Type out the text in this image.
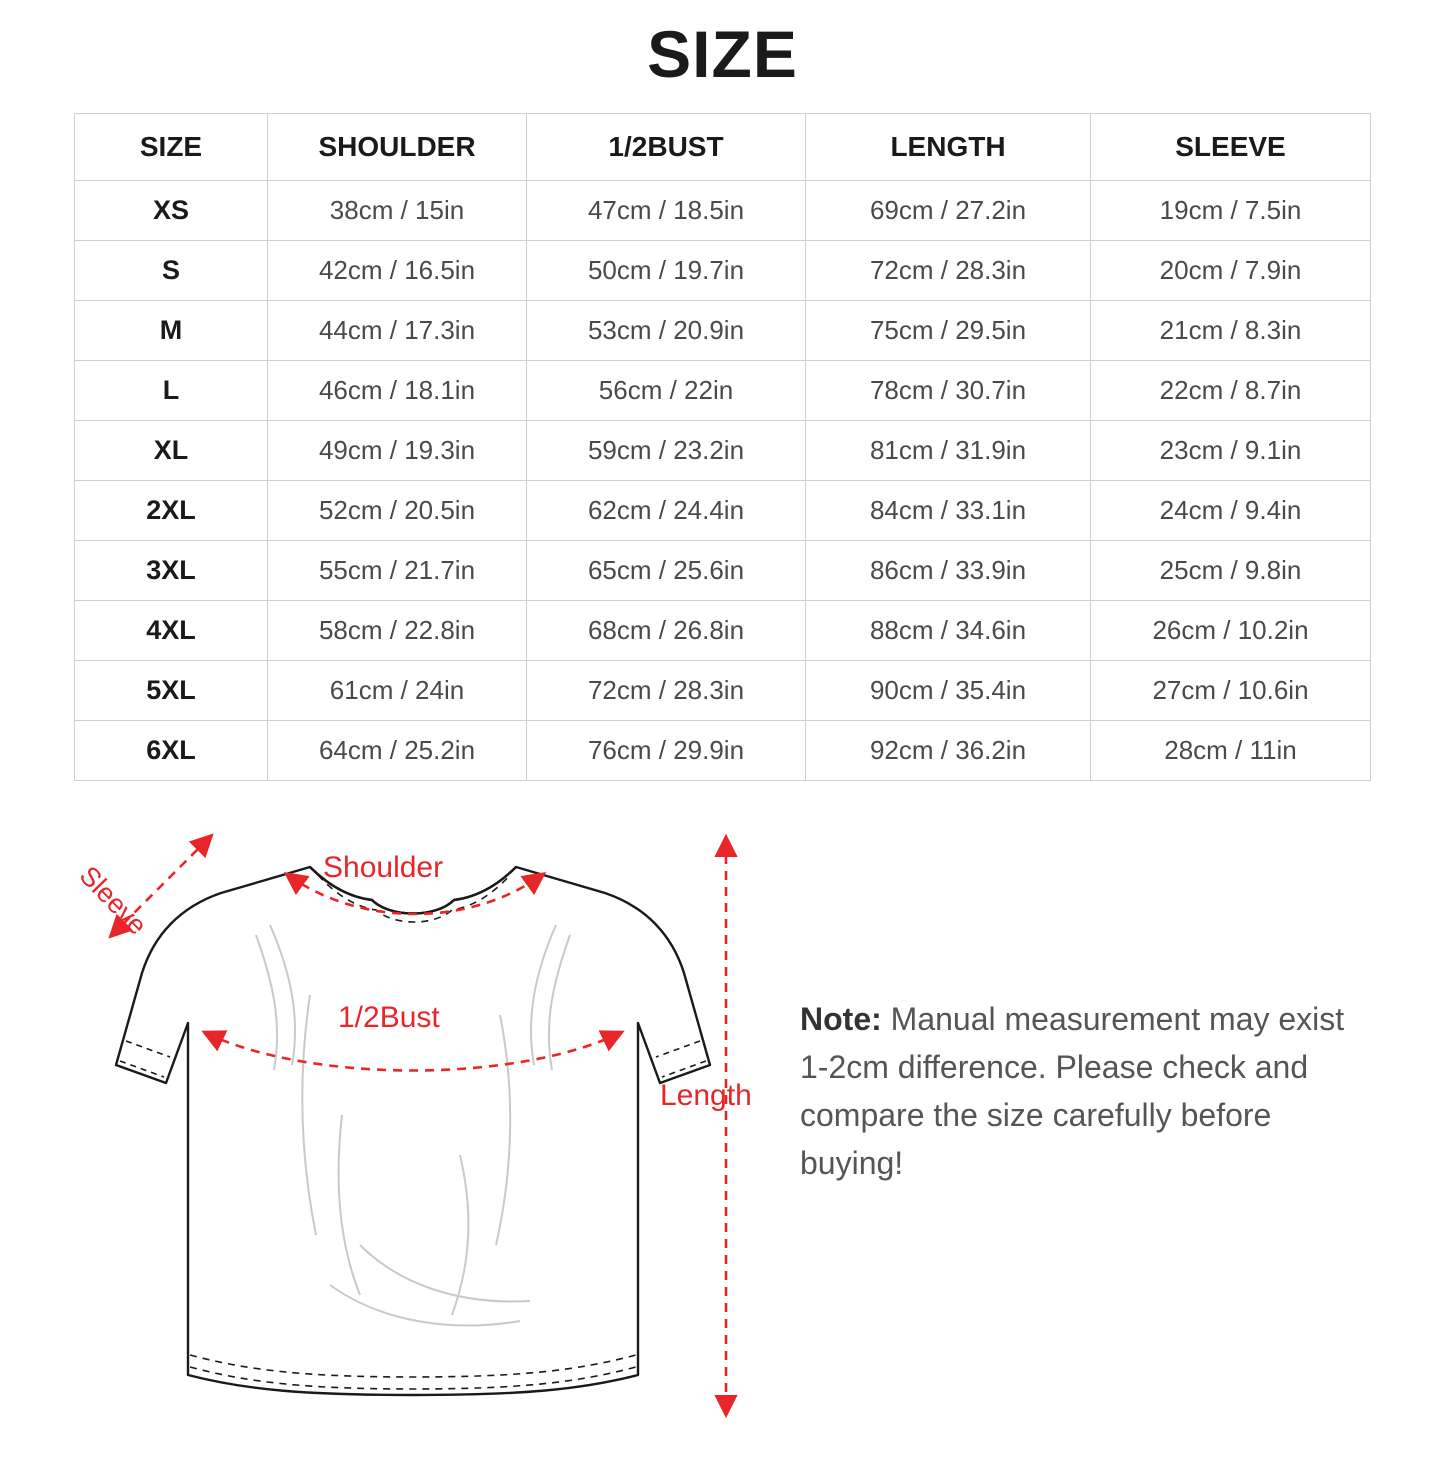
SIZE
SIZE	SHOULDER	1/2BUST	LENGTH	SLEEVE
XS	38cm / 15in	47cm / 18.5in	69cm / 27.2in	19cm / 7.5in
S	42cm / 16.5in	50cm / 19.7in	72cm / 28.3in	20cm / 7.9in
M	44cm / 17.3in	53cm / 20.9in	75cm / 29.5in	21cm / 8.3in
L	46cm / 18.1in	56cm / 22in	78cm / 30.7in	22cm / 8.7in
XL	49cm / 19.3in	59cm / 23.2in	81cm / 31.9in	23cm / 9.1in
2XL	52cm / 20.5in	62cm / 24.4in	84cm / 33.1in	24cm / 9.4in
3XL	55cm / 21.7in	65cm / 25.6in	86cm / 33.9in	25cm / 9.8in
4XL	58cm / 22.8in	68cm / 26.8in	88cm / 34.6in	26cm / 10.2in
5XL	61cm / 24in	72cm / 28.3in	90cm / 35.4in	27cm / 10.6in
6XL	64cm / 25.2in	76cm / 29.9in	92cm / 36.2in	28cm / 11in
Sleeve	Shoulder
1/2Bust
Length
Note: Manual measurement may exist 1-2cm difference. Please check and compare the size carefully before buying!
